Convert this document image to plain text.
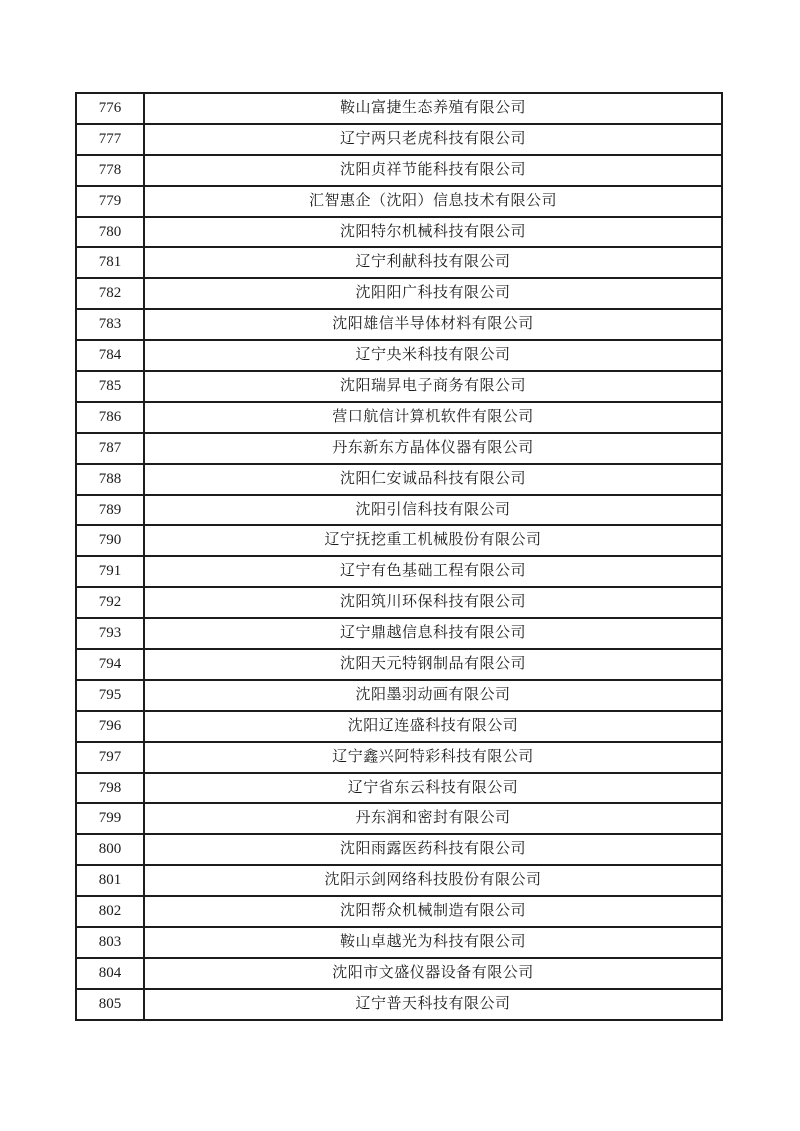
776	鞍山富捷生态养殖有限公司
777	辽宁两只老虎科技有限公司
778	沈阳贞祥节能科技有限公司
779	汇智惠企（沈阳）信息技术有限公司
780	沈阳特尔机械科技有限公司
781	辽宁利献科技有限公司
782	沈阳阳广科技有限公司
783	沈阳雄信半导体材料有限公司
784	辽宁央米科技有限公司
785	沈阳瑞昇电子商务有限公司
786	营口航信计算机软件有限公司
787	丹东新东方晶体仪器有限公司
788	沈阳仁安诚品科技有限公司
789	沈阳引信科技有限公司
790	辽宁抚挖重工机械股份有限公司
791	辽宁有色基础工程有限公司
792	沈阳筑川环保科技有限公司
793	辽宁鼎越信息科技有限公司
794	沈阳天元特钢制品有限公司
795	沈阳墨羽动画有限公司
796	沈阳辽连盛科技有限公司
797	辽宁鑫兴阿特彩科技有限公司
798	辽宁省东云科技有限公司
799	丹东润和密封有限公司
800	沈阳雨露医药科技有限公司
801	沈阳示剑网络科技股份有限公司
802	沈阳帮众机械制造有限公司
803	鞍山卓越光为科技有限公司
804	沈阳市文盛仪器设备有限公司
805	辽宁普天科技有限公司
